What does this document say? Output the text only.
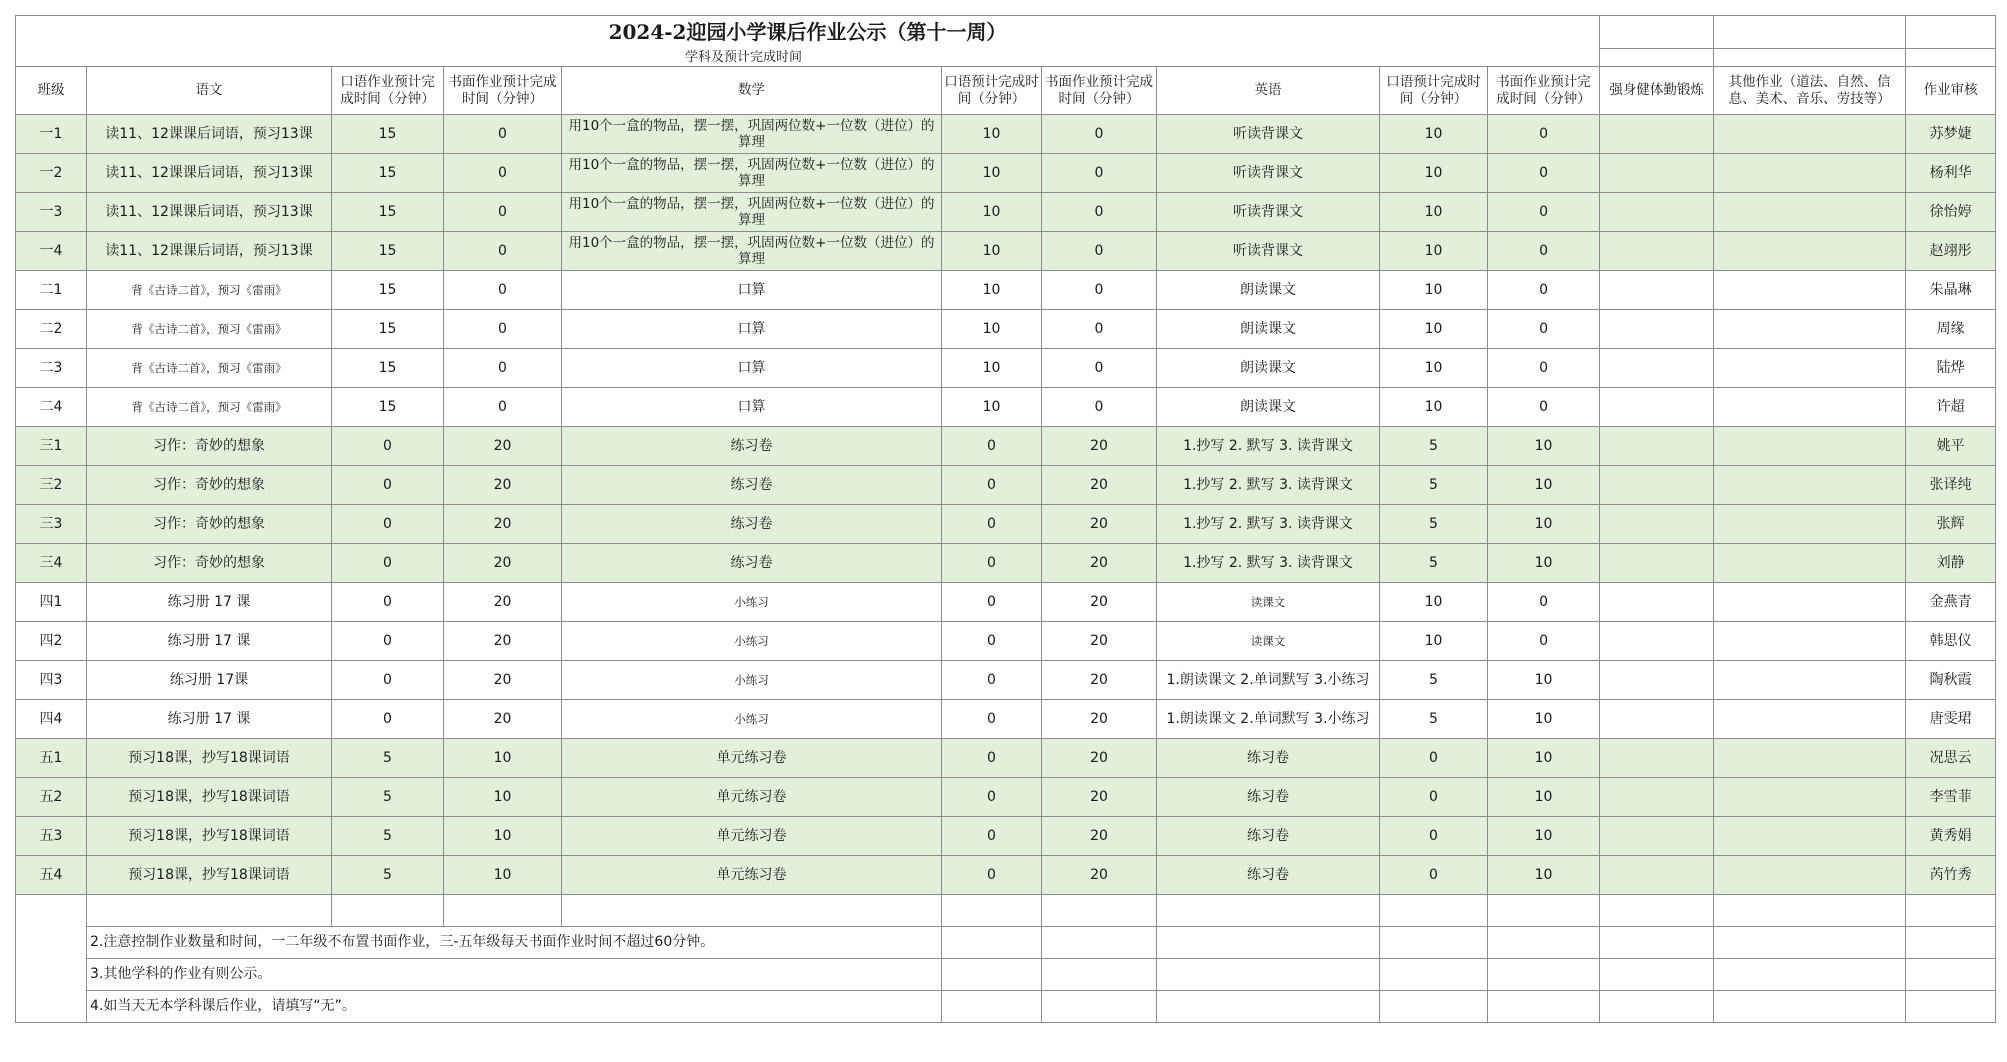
2024-2迎园小学课后作业公示（第十一周）												
学科及预计完成时间												
班级	语文	口语作业预计完成时间（分钟）	书面作业预计完成时间（分钟）	数学	口语预计完成时间（分钟）	书面作业预计完成时间（分钟）	英语	口语预计完成时间（分钟）	书面作业预计完成时间（分钟）	强身健体勤锻炼	其他作业（道法、自然、信息、美术、音乐、劳技等）	作业审核
一1	读11、12课课后词语，预习13课	15	0	用10个一盒的物品，摆一摆，巩固两位数+一位数（进位）的算理	10	0	听读背课文	10	0			苏梦婕
一2	读11、12课课后词语，预习13课	15	0	用10个一盒的物品，摆一摆，巩固两位数+一位数（进位）的算理	10	0	听读背课文	10	0			杨利华
一3	读11、12课课后词语，预习13课	15	0	用10个一盒的物品，摆一摆，巩固两位数+一位数（进位）的算理	10	0	听读背课文	10	0			徐怡婷
一4	读11、12课课后词语，预习13课	15	0	用10个一盒的物品，摆一摆，巩固两位数+一位数（进位）的算理	10	0	听读背课文	10	0			赵翊彤
二1	背《古诗二首》，预习《雷雨》	15	0	口算	10	0	朗读课文	10	0			朱晶琳
二2	背《古诗二首》，预习《雷雨》	15	0	口算	10	0	朗读课文	10	0			周缘
二3	背《古诗二首》，预习《雷雨》	15	0	口算	10	0	朗读课文	10	0			陆烨
二4	背《古诗二首》，预习《雷雨》	15	0	口算	10	0	朗读课文	10	0			许超
三1	习作：奇妙的想象	0	20	练习卷	0	20	1.抄写 2. 默写 3. 读背课文	5	10			姚平
三2	习作：奇妙的想象	0	20	练习卷	0	20	1.抄写 2. 默写 3. 读背课文	5	10			张译纯
三3	习作：奇妙的想象	0	20	练习卷	0	20	1.抄写 2. 默写 3. 读背课文	5	10			张辉
三4	习作：奇妙的想象	0	20	练习卷	0	20	1.抄写 2. 默写 3. 读背课文	5	10			刘静
四1	练习册 17 课	0	20	小练习	0	20	读课文	10	0			金燕青
四2	练习册 17 课	0	20	小练习	0	20	读课文	10	0			韩思仪
四3	练习册 17课	0	20	小练习	0	20	1.朗读课文 2.单词默写 3.小练习	5	10			陶秋霞
四4	练习册 17 课	0	20	小练习	0	20	1.朗读课文 2.单词默写 3.小练习	5	10			唐雯珺
五1	预习18课，抄写18课词语	5	10	单元练习卷	0	20	练习卷	0	10			况思云
五2	预习18课，抄写18课词语	5	10	单元练习卷	0	20	练习卷	0	10			李雪菲
五3	预习18课，抄写18课词语	5	10	单元练习卷	0	20	练习卷	0	10			黄秀娟
五4	预习18课，抄写18课词语	5	10	单元练习卷	0	20	练习卷	0	10			芮竹秀

	2.注意控制作业数量和时间，一二年级不布置书面作业，三-五年级每天书面作业时间不超过60分钟。											
	3.其他学科的作业有则公示。											
	4.如当天无本学科课后作业，请填写“无”。											
